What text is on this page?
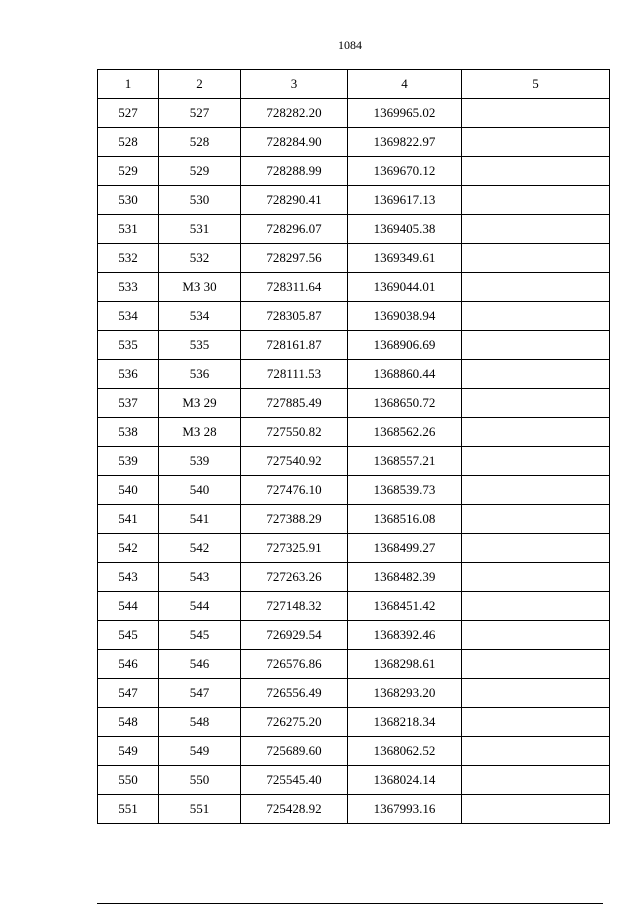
1084
1	2	3	4	5
527	527	728282.20	1369965.02	
528	528	728284.90	1369822.97	
529	529	728288.99	1369670.12	
530	530	728290.41	1369617.13	
531	531	728296.07	1369405.38	
532	532	728297.56	1369349.61	
533	МЗ 30	728311.64	1369044.01	
534	534	728305.87	1369038.94	
535	535	728161.87	1368906.69	
536	536	728111.53	1368860.44	
537	МЗ 29	727885.49	1368650.72	
538	МЗ 28	727550.82	1368562.26	
539	539	727540.92	1368557.21	
540	540	727476.10	1368539.73	
541	541	727388.29	1368516.08	
542	542	727325.91	1368499.27	
543	543	727263.26	1368482.39	
544	544	727148.32	1368451.42	
545	545	726929.54	1368392.46	
546	546	726576.86	1368298.61	
547	547	726556.49	1368293.20	
548	548	726275.20	1368218.34	
549	549	725689.60	1368062.52	
550	550	725545.40	1368024.14	
551	551	725428.92	1367993.16	
